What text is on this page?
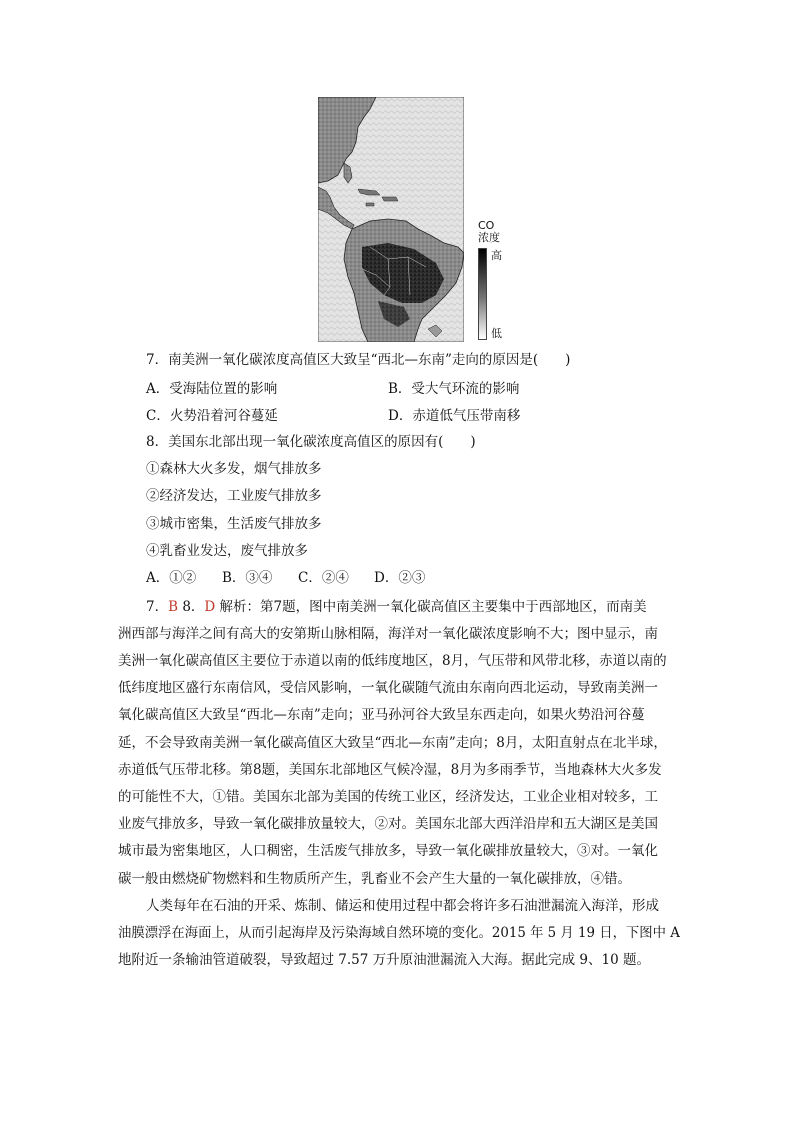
CO
浓度
高
低
7．南美洲一氧化碳浓度高值区大致呈“西北—东南”走向的原因是(　　)
A．受海陆位置的影响	B．受大气环流的影响
C．火势沿着河谷蔓延	D．赤道低气压带南移
8．美国东北部出现一氧化碳浓度高值区的原因有(　　)
①森林大火多发，烟气排放多
②经济发达，工业废气排放多
③城市密集，生活废气排放多
④乳畜业发达，废气排放多
A．①② B．③④ C．②④ D．②③
7．B 8．D 解析：第7题，图中南美洲一氧化碳高值区主要集中于西部地区，而南美
洲西部与海洋之间有高大的安第斯山脉相隔，海洋对一氧化碳浓度影响不大；图中显示，南
美洲一氧化碳高值区主要位于赤道以南的低纬度地区，8月，气压带和风带北移，赤道以南的
低纬度地区盛行东南信风，受信风影响，一氧化碳随气流由东南向西北运动，导致南美洲一
氧化碳高值区大致呈“西北—东南”走向；亚马孙河谷大致呈东西走向，如果火势沿河谷蔓
延，不会导致南美洲一氧化碳高值区大致呈“西北—东南”走向；8月，太阳直射点在北半球，
赤道低气压带北移。第8题，美国东北部地区气候冷湿，8月为多雨季节，当地森林大火多发
的可能性不大，①错。美国东北部为美国的传统工业区，经济发达，工业企业相对较多，工
业废气排放多，导致一氧化碳排放量较大，②对。美国东北部大西洋沿岸和五大湖区是美国
城市最为密集地区，人口稠密，生活废气排放多，导致一氧化碳排放量较大，③对。一氧化
碳一般由燃烧矿物燃料和生物质所产生，乳畜业不会产生大量的一氧化碳排放，④错。
人类每年在石油的开采、炼制、储运和使用过程中都会将许多石油泄漏流入海洋，形成
油膜漂浮在海面上，从而引起海岸及污染海域自然环境的变化。2015 年 5 月 19 日，下图中 A
地附近一条输油管道破裂，导致超过 7.57 万升原油泄漏流入大海。据此完成 9、10 题。
